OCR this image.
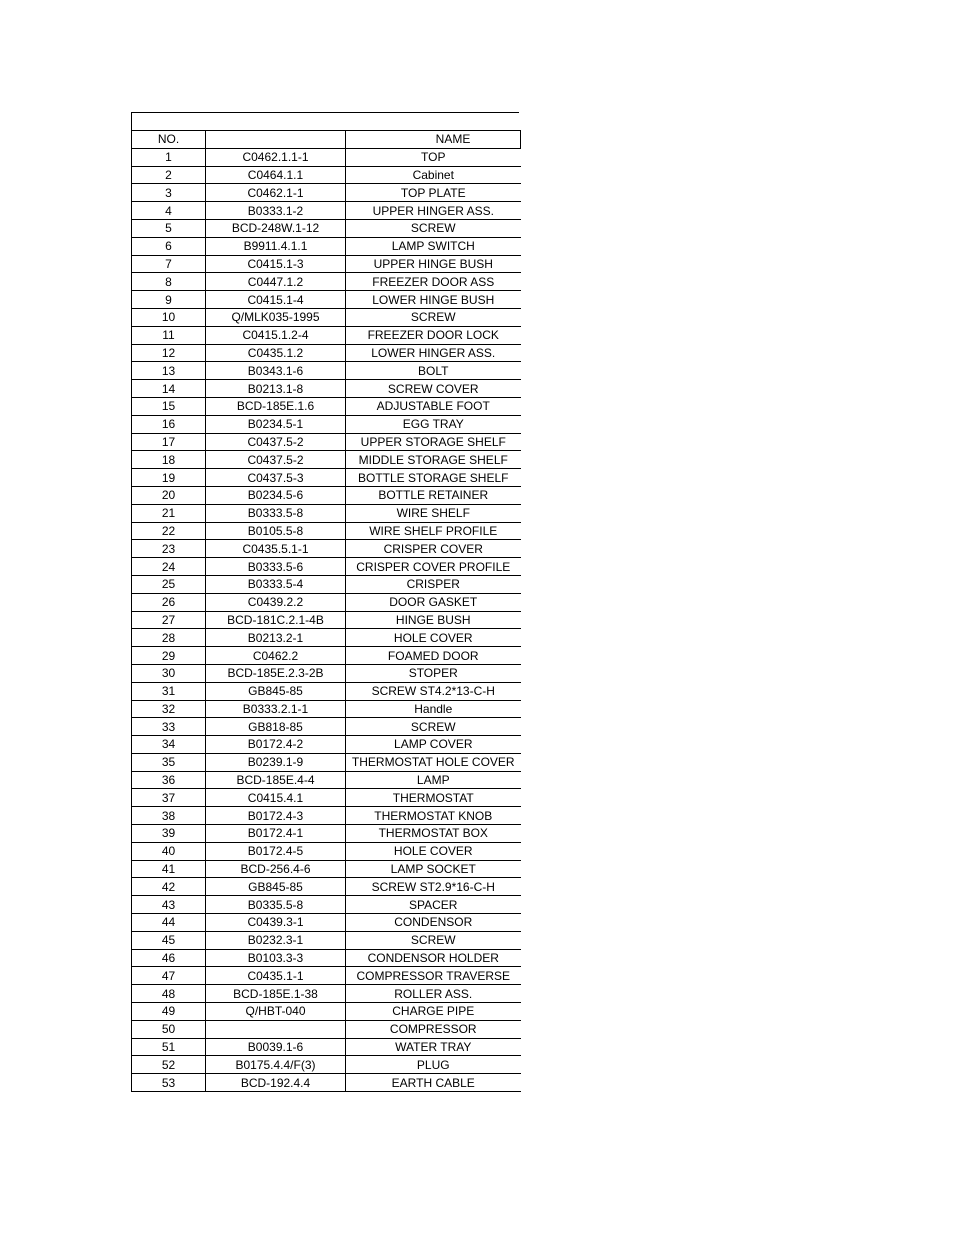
NO.		NAME
1	C0462.1.1-1	TOP
2	C0464.1.1	Cabinet
3	C0462.1-1	TOP PLATE
4	B0333.1-2	UPPER HINGER ASS.
5	BCD-248W.1-12	SCREW
6	B9911.4.1.1	LAMP SWITCH
7	C0415.1-3	UPPER HINGE BUSH
8	C0447.1.2	FREEZER DOOR ASS
9	C0415.1-4	LOWER HINGE BUSH
10	Q/MLK035-1995	SCREW
11	C0415.1.2-4	FREEZER DOOR LOCK
12	C0435.1.2	LOWER HINGER ASS.
13	B0343.1-6	BOLT
14	B0213.1-8	SCREW COVER
15	BCD-185E.1.6	ADJUSTABLE FOOT
16	B0234.5-1	EGG TRAY
17	C0437.5-2	UPPER STORAGE SHELF
18	C0437.5-2	MIDDLE STORAGE SHELF
19	C0437.5-3	BOTTLE STORAGE SHELF
20	B0234.5-6	BOTTLE RETAINER
21	B0333.5-8	WIRE SHELF
22	B0105.5-8	WIRE SHELF PROFILE
23	C0435.5.1-1	CRISPER COVER
24	B0333.5-6	CRISPER COVER PROFILE
25	B0333.5-4	CRISPER
26	C0439.2.2	DOOR GASKET
27	BCD-181C.2.1-4B	HINGE BUSH
28	B0213.2-1	HOLE COVER
29	C0462.2	FOAMED DOOR
30	BCD-185E.2.3-2B	STOPER
31	GB845-85	SCREW ST4.2*13-C-H
32	B0333.2.1-1	Handle
33	GB818-85	SCREW
34	B0172.4-2	LAMP COVER
35	B0239.1-9	THERMOSTAT HOLE COVER
36	BCD-185E.4-4	LAMP
37	C0415.4.1	THERMOSTAT
38	B0172.4-3	THERMOSTAT KNOB
39	B0172.4-1	THERMOSTAT BOX
40	B0172.4-5	HOLE COVER
41	BCD-256.4-6	LAMP SOCKET
42	GB845-85	SCREW ST2.9*16-C-H
43	B0335.5-8	SPACER
44	C0439.3-1	CONDENSOR
45	B0232.3-1	SCREW
46	B0103.3-3	CONDENSOR HOLDER
47	C0435.1-1	COMPRESSOR TRAVERSE
48	BCD-185E.1-38	ROLLER ASS.
49	Q/HBT-040	CHARGE PIPE
50		COMPRESSOR
51	B0039.1-6	WATER TRAY
52	B0175.4.4/F(3)	PLUG
53	BCD-192.4.4	EARTH CABLE
